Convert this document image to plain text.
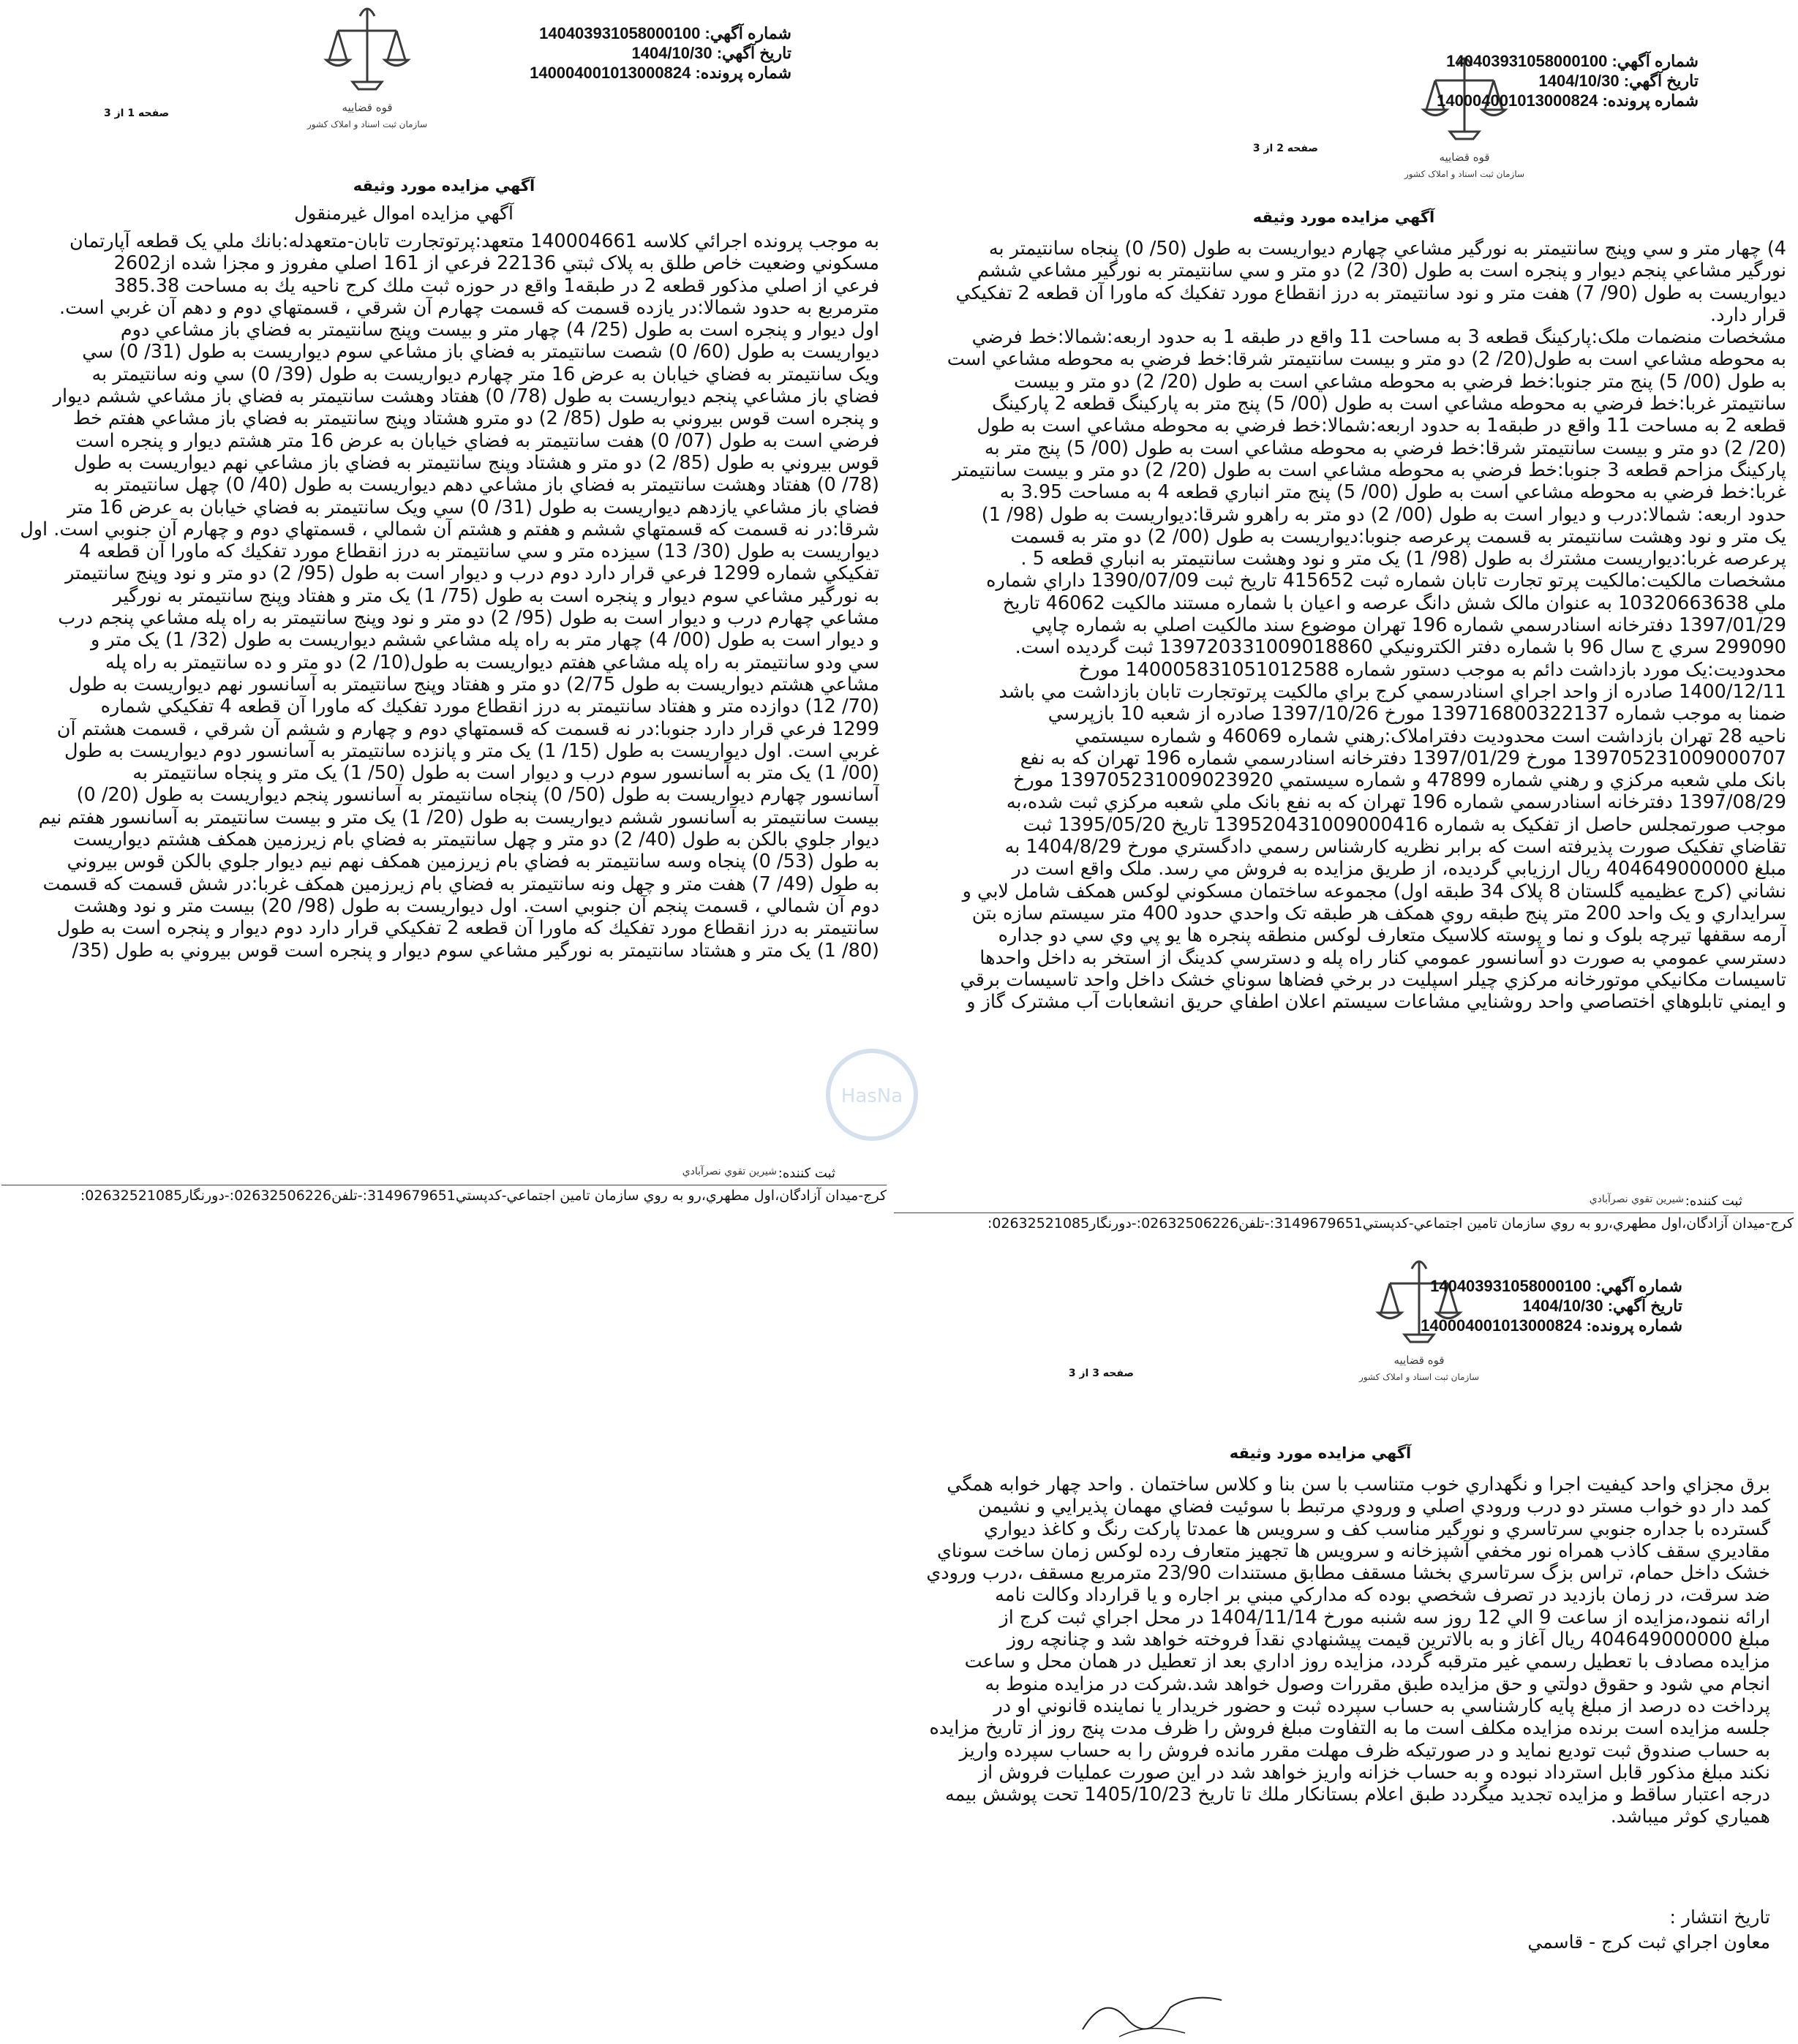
قوه قضاییه
سازمان ثبت اسناد و املاک کشور
شماره آگهي: 140403931058000100
تاريخ آگهي: 1404/10/30
شماره پرونده: 140004001013000824
صفحه 1 از 3
آگهي مزايده مورد وثيقه
آگهي مزايده اموال غيرمنقول
به موجب پرونده اجرائي كلاسه 140004661 متعهد:پرتوتجارت تابان-متعهدله:بانك ملي يک قطعه آپارتمان
مسکوني وضعيت خاص طلق به پلاک ثبتي 22136 فرعي از 161 اصلي مفروز و مجزا شده از2602
فرعي از اصلي مذکور قطعه 2 در طبقه1 واقع در حوزه ثبت ملك كرج ناحيه يك به مساحت 385.38
مترمربع به حدود شمالا:در يازده قسمت که قسمت چهارم آن شرقي ، قسمتهاي دوم و دهم آن غربي است.
اول ديوار و پنجره است به طول (25/ 4) چهار متر و بيست وپنج سانتيمتر به فضاي باز مشاعي دوم
ديواريست به طول (60/ 0) شصت سانتيمتر به فضاي باز مشاعي سوم ديواريست به طول (31/ 0) سي
ويک سانتيمتر به فضاي خيابان به عرض 16 متر چهارم ديواريست به طول (39/ 0) سي ونه سانتيمتر به
فضاي باز مشاعي پنجم ديواريست به طول (78/ 0) هفتاد وهشت سانتيمتر به فضاي باز مشاعي ششم ديوار
و پنجره است قوس بيروني به طول (85/ 2) دو مترو هشتاد وپنج سانتيمتر به فضاي باز مشاعي هفتم خط
فرضي است به طول (07/ 0) هفت سانتيمتر به فضاي خيابان به عرض 16 متر هشتم ديوار و پنجره است
قوس بيروني به طول (85/ 2) دو متر و هشتاد وپنج سانتيمتر به فضاي باز مشاعي نهم ديواريست به طول
(78/ 0) هفتاد وهشت سانتيمتر به فضاي باز مشاعي دهم ديواريست به طول (40/ 0) چهل سانتيمتر به
فضاي باز مشاعي يازدهم ديواريست به طول (31/ 0) سي ويک سانتيمتر به فضاي خيابان به عرض 16 متر
شرقا:در نه قسمت که قسمتهاي ششم و هفتم و هشتم آن شمالي ، قسمتهاي دوم و چهارم آن جنوبي است. اول
ديواريست به طول (30/ 13) سيزده متر و سي سانتيمتر به درز انقطاع مورد تفكيك كه ماورا آن قطعه 4
تفكيكي شماره 1299 فرعي قرار دارد دوم درب و ديوار است به طول (95/ 2) دو متر و نود وپنج سانتيمتر
به نورگير مشاعي سوم ديوار و پنجره است به طول (75/ 1) يک متر و هفتاد وپنج سانتيمتر به نورگير
مشاعي چهارم درب و ديوار است به طول (95/ 2) دو متر و نود وپنج سانتيمتر به راه پله مشاعي پنجم درب
و ديوار است به طول (00/ 4) چهار متر به راه پله مشاعي ششم ديواريست به طول (32/ 1) يک متر و
سي ودو سانتيمتر به راه پله مشاعي هفتم ديواريست به طول(10/ 2) دو متر و ده سانتيمتر به راه پله
مشاعي هشتم ديواريست به طول 2/75) دو متر و هفتاد وپنج سانتيمتر به آسانسور نهم ديواريست به طول
(70/ 12) دوازده متر و هفتاد سانتيمتر به درز انقطاع مورد تفكيك كه ماورا آن قطعه 4 تفكيكي شماره
1299 فرعي قرار دارد جنوبا:در نه قسمت كه قسمتهاي دوم و چهارم و ششم آن شرقي ، قسمت هشتم آن
غربي است. اول ديواريست به طول (15/ 1) يک متر و پانزده سانتيمتر به آسانسور دوم ديواريست به طول
(00/ 1) يک متر به آسانسور سوم درب و ديوار است به طول (50/ 1) يک متر و پنجاه سانتيمتر به
آسانسور چهارم ديواريست به طول (50/ 0) پنجاه سانتيمتر به آسانسور پنجم ديواريست به طول (20/ 0)
بيست سانتيمتر به آسانسور ششم ديواريست به طول (20/ 1) يک متر و بيست سانتيمتر به آسانسور هفتم نيم
ديوار جلوي بالكن به طول (40/ 2) دو متر و چهل سانتيمتر به فضاي بام زيرزمين همكف هشتم ديواريست
به طول (53/ 0) پنجاه وسه سانتيمتر به فضاي بام زيرزمين همكف نهم نيم ديوار جلوي بالكن قوس بيروني
به طول (49/ 7) هفت متر و چهل ونه سانتيمتر به فضاي بام زيرزمين همكف غربا:در شش قسمت كه قسمت
دوم آن شمالي ، قسمت پنجم آن جنوبي است. اول ديواريست به طول (98/ 20) بيست متر و نود وهشت
سانتيمتر به درز انقطاع مورد تفكيك كه ماورا آن قطعه 2 تفكيكي قرار دارد دوم ديوار و پنجره است به طول
(80/ 1) يک متر و هشتاد سانتيمتر به نورگير مشاعي سوم ديوار و پنجره است قوس بيروني به طول (35/
HasNa
ثبت كننده:
شيرين تقوي نصرآبادي
كرج-ميدان آزادگان،اول مطهري،رو به روي سازمان تامين اجتماعي-كدپستي3149679651:-تلفن02632506226:-دورنگار02632521085:
قوه قضاییه
سازمان ثبت اسناد و املاک کشور
شماره آگهي: 140403931058000100
تاريخ آگهي: 1404/10/30
شماره پرونده: 140004001013000824
صفحه 2 از 3
آگهي مزايده مورد وثيقه
4) چهار متر و سي وپنج سانتيمتر به نورگير مشاعي چهارم ديواريست به طول (50/ 0) پنجاه سانتيمتر به
نورگير مشاعي پنجم ديوار و پنجره است به طول (30/ 2) دو متر و سي سانتيمتر به نورگير مشاعي ششم
ديواريست به طول (90/ 7) هفت متر و نود سانتيمتر به درز انقطاع مورد تفكيك كه ماورا آن قطعه 2 تفكيكي
قرار دارد.
مشخصات منضمات ملک:پارکينگ قطعه 3 به مساحت 11 واقع در طبقه 1 به حدود اربعه:شمالا:خط فرضي
به محوطه مشاعي است به طول(20/ 2) دو متر و بيست سانتيمتر شرقا:خط فرضي به محوطه مشاعي است
به طول (00/ 5) پنج متر جنوبا:خط فرضي به محوطه مشاعي است به طول (20/ 2) دو متر و بيست
سانتيمتر غربا:خط فرضي به محوطه مشاعي است به طول (00/ 5) پنج متر به پارکينگ قطعه 2 پارکينگ
قطعه 2 به مساحت 11 واقع در طبقه1 به حدود اربعه:شمالا:خط فرضي به محوطه مشاعي است به طول
(20/ 2) دو متر و بيست سانتيمتر شرقا:خط فرضي به محوطه مشاعي است به طول (00/ 5) پنج متر به
پارکينگ مزاحم قطعه 3 جنوبا:خط فرضي به محوطه مشاعي است به طول (20/ 2) دو متر و بيست سانتيمتر
غربا:خط فرضي به محوطه مشاعي است به طول (00/ 5) پنج متر انباري قطعه 4 به مساحت 3.95 به
حدود اربعه: شمالا:درب و ديوار است به طول (00/ 2) دو متر به راهرو شرقا:ديواريست به طول (98/ 1)
يک متر و نود وهشت سانتيمتر به قسمت پرعرصه جنوبا:ديواريست به طول (00/ 2) دو متر به قسمت
پرعرصه غربا:ديواريست مشترك به طول (98/ 1) يک متر و نود وهشت سانتيمتر به انباري قطعه 5 .
مشخصات مالکيت:مالکيت پرتو تجارت تابان شماره ثبت 415652 تاريخ ثبت 1390/07/09 داراي شماره
ملي 10320663638 به عنوان مالک شش دانگ عرصه و اعيان با شماره مستند مالکيت 46062 تاريخ
1397/01/29 دفترخانه اسنادرسمي شماره 196 تهران موضوع سند مالکيت اصلي به شماره چاپي
299090 سري ج سال 96 با شماره دفتر الکترونيکي 139720331009018860 ثبت گرديده است.
محدوديت:يک مورد بازداشت دائم به موجب دستور شماره 140005831051012588 مورخ
1400/12/11 صادره از واحد اجراي اسنادرسمي کرج براي مالکيت پرتوتجارت تابان بازداشت مي باشد
ضمنا به موجب شماره 139716800322137 مورخ 1397/10/26 صادره از شعبه 10 بازپرسي
ناحيه 28 تهران بازداشت است محدوديت دفتراملاک:رهني شماره 46069 و شماره سيستمي
139705231009000707 مورخ 1397/01/29 دفترخانه اسنادرسمي شماره 196 تهران که به نفع
بانک ملي شعبه مرکزي و رهني شماره 47899 و شماره سيستمي 139705231009023920 مورخ
1397/08/29 دفترخانه اسنادرسمي شماره 196 تهران که به نفع بانک ملي شعبه مرکزي ثبت شده،به
موجب صورتمجلس حاصل از تفکيک به شماره 139520431009000416 تاريخ 1395/05/20 ثبت
تقاضاي تفکيک صورت پذيرفته است كه برابر نظريه كارشناس رسمي دادگستري مورخ 1404/8/29 به
مبلغ 404649000000 ريال ارزيابي گرديده، از طريق مزايده به فروش مي رسد. ملک واقع است در
نشاني (کرج عظيميه گلستان 8 پلاک 34 طبقه اول) مجموعه ساختمان مسکوني لوکس همکف شامل لابي و
سرايداري و يک واحد 200 متر پنج طبقه روي همکف هر طبقه تک واحدي حدود 400 متر سيستم سازه بتن
آرمه سقفها تيرچه بلوک و نما و پوسته کلاسيک متعارف لوکس منطقه پنجره ها يو پي وي سي دو جداره
دسترسي عمومي به صورت دو آسانسور عمومي کنار راه پله و دسترسي کدينگ از استخر به داخل واحدها
تاسيسات مکانيکي موتورخانه مرکزي چيلر اسپليت در برخي فضاها سوناي خشک داخل واحد تاسيسات برقي
و ايمني تابلوهاي اختصاصي واحد روشنايي مشاعات سيستم اعلان اطفاي حريق انشعابات آب مشترک گاز و
ثبت كننده:
شيرين تقوي نصرآبادي
كرج-ميدان آزادگان،اول مطهري،رو به روي سازمان تامين اجتماعي-كدپستي3149679651:-تلفن02632506226:-دورنگار02632521085:
قوه قضاییه
سازمان ثبت اسناد و املاک کشور
شماره آگهي: 140403931058000100
تاريخ آگهي: 1404/10/30
شماره پرونده: 140004001013000824
صفحه 3 از 3
آگهي مزايده مورد وثيقه
برق مجزاي واحد کيفيت اجرا و نگهداري خوب متناسب با سن بنا و کلاس ساختمان . واحد چهار خوابه همگي
کمد دار دو خواب مستر دو درب ورودي اصلي و ورودي مرتبط با سوئيت فضاي مهمان پذيرايي و نشيمن
گسترده با جداره جنوبي سرتاسري و نورگير مناسب کف و سرويس ها عمدتا پارکت رنگ و کاغذ ديواري
مقاديري سقف کاذب همراه نور مخفي آشپزخانه و سرويس ها تجهيز متعارف رده لوکس زمان ساخت سوناي
خشک داخل حمام، تراس بزگ سرتاسري بخشا مسقف مطابق مستندات 23/90 مترمربع مسقف ،درب ورودي
ضد سرقت، در زمان بازديد در تصرف شخصي بوده که مدارکي مبني بر اجاره و يا قرارداد وکالت نامه
ارائه ننمود،مزايده از ساعت 9 الي 12 روز سه شنبه مورخ 1404/11/14 در محل اجراي ثبت كرج از
مبلغ 404649000000 ريال آغاز و به بالاترين قيمت پيشنهادي نقداً فروخته خواهد شد و چنانچه روز
مزايده مصادف با تعطيل رسمي غير مترقبه گردد، مزايده روز اداري بعد از تعطيل در همان محل و ساعت
انجام مي شود و حقوق دولتي و حق مزايده طبق مقررات وصول خواهد شد.شركت در مزايده منوط به
پرداخت ده درصد از مبلغ پايه كارشناسي به حساب سپرده ثبت و حضور خريدار يا نماينده قانوني او در
جلسه مزايده است برنده مزايده مكلف است ما به التفاوت مبلغ فروش را ظرف مدت پنج روز از تاريخ مزايده
به حساب صندوق ثبت توديع نمايد و در صورتيكه ظرف مهلت مقرر مانده فروش را به حساب سپرده واريز
نكند مبلغ مذكور قابل استرداد نبوده و به حساب خزانه واريز خواهد شد در اين صورت عمليات فروش از
درجه اعتبار ساقط و مزايده تجديد ميگردد طبق اعلام بستانكار ملك تا تاريخ 1405/10/23 تحت پوشش بيمه
همياري كوثر ميباشد.
تاريخ انتشار :
معاون اجراي ثبت كرج - قاسمي
